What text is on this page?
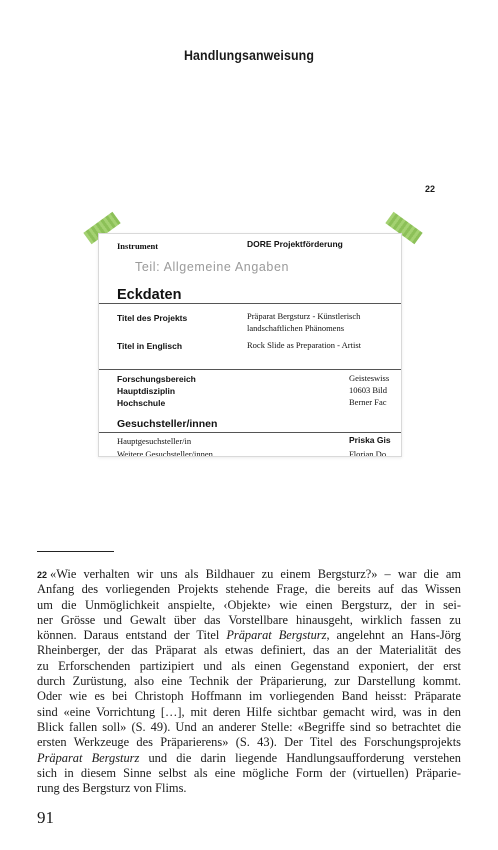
Handlungsanweisung
22
Instrument	DORE Projektförderung
Teil: Allgemeine Angaben
Eckdaten
Titel des Projekts	Präparat Bergsturz - Künstlerisch
landschaftlichen Phänomens
Titel in Englisch	Rock Slide as Preparation - Artist
Forschungsbereich	Geisteswiss
Hauptdisziplin	10603 Bild
Hochschule	Berner Fac
Gesuchsteller/innen
Hauptgesuchsteller/in	Priska Gis
Weitere Gesuchsteller/innen	Florian Do
22 «Wie verhalten wir uns als Bildhauer zu einem Bergsturz?» – war die am
Anfang des vorliegenden Projekts stehende Frage, die bereits auf das Wissen
um die Unmöglichkeit anspielte, ‹Objekte› wie einen Bergsturz, der in sei-
ner Grösse und Gewalt über das Vorstellbare hinausgeht, wirklich fassen zu
können. Daraus entstand der Titel Präparat Bergsturz, angelehnt an Hans-Jörg
Rheinberger, der das Präparat als etwas definiert, das an der Materialität des
zu Erforschenden partizipiert und als einen Gegenstand exponiert, der erst
durch Zurüstung, also eine Technik der Präparierung, zur Darstellung kommt.
Oder wie es bei Christoph Hoffmann im vorliegenden Band heisst: Präparate
sind «eine Vorrichtung […], mit deren Hilfe sichtbar gemacht wird, was in den
Blick fallen soll» (S. 49). Und an anderer Stelle: «Begriffe sind so betrachtet die
ersten Werkzeuge des Präparierens» (S. 43). Der Titel des Forschungsprojekts
Präparat Bergsturz und die darin liegende Handlungsaufforderung verstehen
sich in diesem Sinne selbst als eine mögliche Form der (virtuellen) Präparie-
rung des Bergsturz von Flims.
91
